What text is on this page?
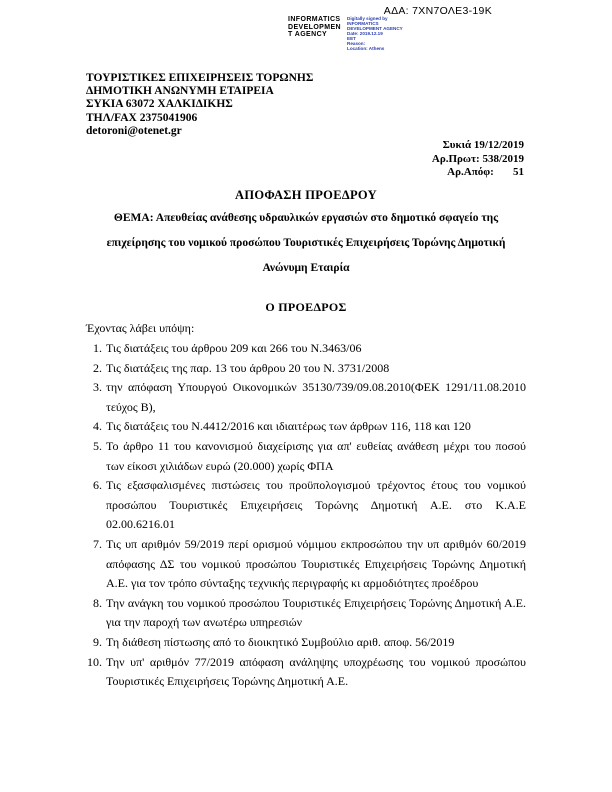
ΑΔΑ: 7ΧΝ7ΟΛΕ3-19Κ
INFORMATICS
DEVELOPMEN
T AGENCY
Digitally signed by
INFORMATICS
DEVELOPMENT AGENCY
Date: 2019.12.19
EET
Reason:
Location: Athens
ΤΟΥΡΙΣΤΙΚΕΣ ΕΠΙΧΕΙΡΗΣΕΙΣ ΤΟΡΩΝΗΣ
ΔΗΜΟΤΙΚΗ ΑΝΩΝΥΜΗ ΕΤΑΙΡΕΙΑ
ΣΥΚΙΑ 63072 ΧΑΛΚΙΔΙΚΗΣ
ΤΗΛ/FAX 2375041906
detoroni@otenet.gr
Συκιά 19/12/2019
Αρ.Πρωτ: 538/2019
Αρ.Απόφ:       51
ΑΠΟΦΑΣΗ ΠΡΟΕΔΡΟΥ
ΘΕΜΑ: Απευθείας ανάθεσης υδραυλικών εργασιών στο δημοτικό σφαγείο της
επιχείρησης του νομικού προσώπου Τουριστικές Επιχειρήσεις Τορώνης Δημοτική
Ανώνυμη Εταιρία
Ο ΠΡΟΕΔΡΟΣ
Έχοντας λάβει υπόψη:
1. Τις διατάξεις του άρθρου 209 και 266 του Ν.3463/06
2. Τις διατάξεις της παρ. 13 του άρθρου 20 του Ν. 3731/2008
3. την απόφαση Υπουργού Οικονομικών 35130/739/09.08.2010(ΦΕΚ 1291/11.08.2010 τεύχος Β),
4. Τις διατάξεις του Ν.4412/2016 και ιδιαιτέρως των άρθρων 116, 118 και 120
5. Το άρθρο 11 του κανονισμού διαχείρισης για απ' ευθείας ανάθεση μέχρι του ποσού των είκοσι χιλιάδων ευρώ (20.000) χωρίς ΦΠΑ
6. Τις εξασφαλισμένες πιστώσεις του προϋπολογισμού τρέχοντος έτους του νομικού προσώπου Τουριστικές Επιχειρήσεις Τορώνης Δημοτική Α.Ε. στο Κ.Α.Ε 02.00.6216.01
7. Τις υπ αριθμόν 59/2019 περί ορισμού νόμιμου εκπροσώπου την υπ αριθμόν 60/2019 απόφασης ΔΣ του νομικού προσώπου Τουριστικές Επιχειρήσεις Τορώνης Δημοτική Α.Ε. για τον τρόπο σύνταξης τεχνικής περιγραφής κι αρμοδιότητες προέδρου
8. Την ανάγκη του νομικού προσώπου Τουριστικές Επιχειρήσεις Τορώνης Δημοτική Α.Ε. για την παροχή των ανωτέρω υπηρεσιών
9. Τη διάθεση πίστωσης από το διοικητικό Συμβούλιο αριθ. αποφ. 56/2019
10. Την υπ' αριθμόν 77/2019 απόφαση ανάληψης υποχρέωσης του νομικού προσώπου Τουριστικές Επιχειρήσεις Τορώνης Δημοτική Α.Ε.
